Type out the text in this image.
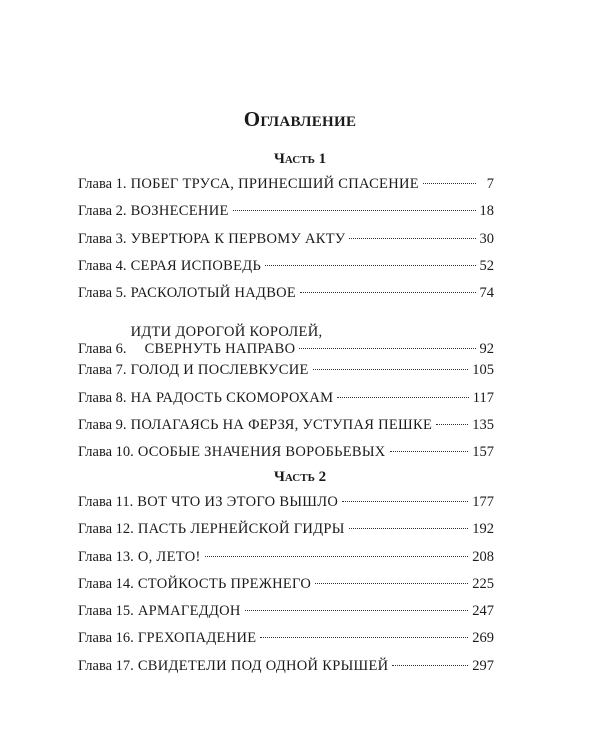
Оглавление
Часть 1
Глава 1. ПОБЕГ ТРУСА, ПРИНЕСШИЙ СПАСЕНИЕ	7
Глава 2. ВОЗНЕСЕНИЕ	18
Глава 3. УВЕРТЮРА К ПЕРВОМУ АКТУ	30
Глава 4. СЕРАЯ ИСПОВЕДЬ	52
Глава 5. РАСКОЛОТЫЙ НАДВОЕ	74
Глава 6.
ИДТИ ДОРОГОЙ КОРОЛЕЙ,
СВЕРНУТЬ НАПРАВО	92
Глава 7. ГОЛОД И ПОСЛЕВКУСИЕ	105
Глава 8. НА РАДОСТЬ СКОМОРОХАМ	117
Глава 9. ПОЛАГАЯСЬ НА ФЕРЗЯ, УСТУПАЯ ПЕШКЕ	135
Глава 10. ОСОБЫЕ ЗНАЧЕНИЯ ВОРОБЬЕВЫХ	157
Часть 2
Глава 11. ВОТ ЧТО ИЗ ЭТОГО ВЫШЛО	177
Глава 12. ПАСТЬ ЛЕРНЕЙСКОЙ ГИДРЫ	192
Глава 13. О, ЛЕТО!	208
Глава 14. СТОЙКОСТЬ ПРЕЖНЕГО	225
Глава 15. АРМАГЕДДОН	247
Глава 16. ГРЕХОПАДЕНИЕ	269
Глава 17. СВИДЕТЕЛИ ПОД ОДНОЙ КРЫШЕЙ	297
